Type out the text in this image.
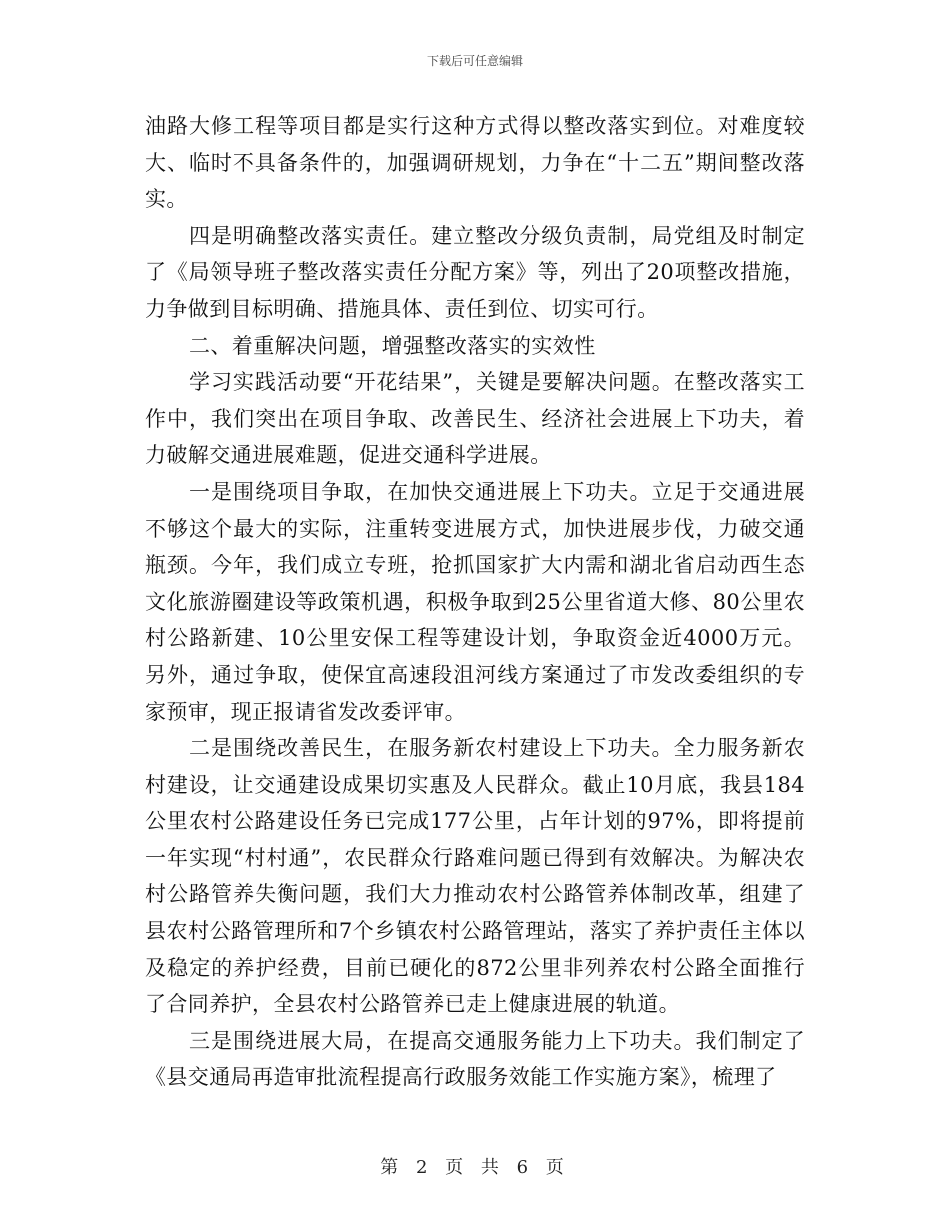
下载后可任意编辑

油路大修工程等项目都是实行这种方式得以整改落实到位。对难度较大、临时不具备条件的，加强调研规划，力争在“十二五”期间整改落实。

四是明确整改落实责任。建立整改分级负责制，局党组及时制定了《局领导班子整改落实责任分配方案》等，列出了20项整改措施，力争做到目标明确、措施具体、责任到位、切实可行。

二、着重解决问题，增强整改落实的实效性

学习实践活动要“开花结果”，关键是要解决问题。在整改落实工作中，我们突出在项目争取、改善民生、经济社会进展上下功夫，着力破解交通进展难题，促进交通科学进展。

一是围绕项目争取，在加快交通进展上下功夫。立足于交通进展不够这个最大的实际，注重转变进展方式，加快进展步伐，力破交通瓶颈。今年，我们成立专班，抢抓国家扩大内需和湖北省启动西生态文化旅游圈建设等政策机遇，积极争取到25公里省道大修、80公里农村公路新建、10公里安保工程等建设计划，争取资金近4000万元。另外，通过争取，使保宜高速段沮河线方案通过了市发改委组织的专家预审，现正报请省发改委评审。

二是围绕改善民生，在服务新农村建设上下功夫。全力服务新农村建设，让交通建设成果切实惠及人民群众。截止10月底，我县184公里农村公路建设任务已完成177公里，占年计划的97%，即将提前一年实现“村村通”，农民群众行路难问题已得到有效解决。为解决农村公路管养失衡问题，我们大力推动农村公路管养体制改革，组建了县农村公路管理所和7个乡镇农村公路管理站，落实了养护责任主体以及稳定的养护经费，目前已硬化的872公里非列养农村公路全面推行了合同养护，全县农村公路管养已走上健康进展的轨道。

三是围绕进展大局，在提高交通服务能力上下功夫。我们制定了《县交通局再造审批流程提高行政服务效能工作实施方案》，梳理了

第 2 页 共 6 页
